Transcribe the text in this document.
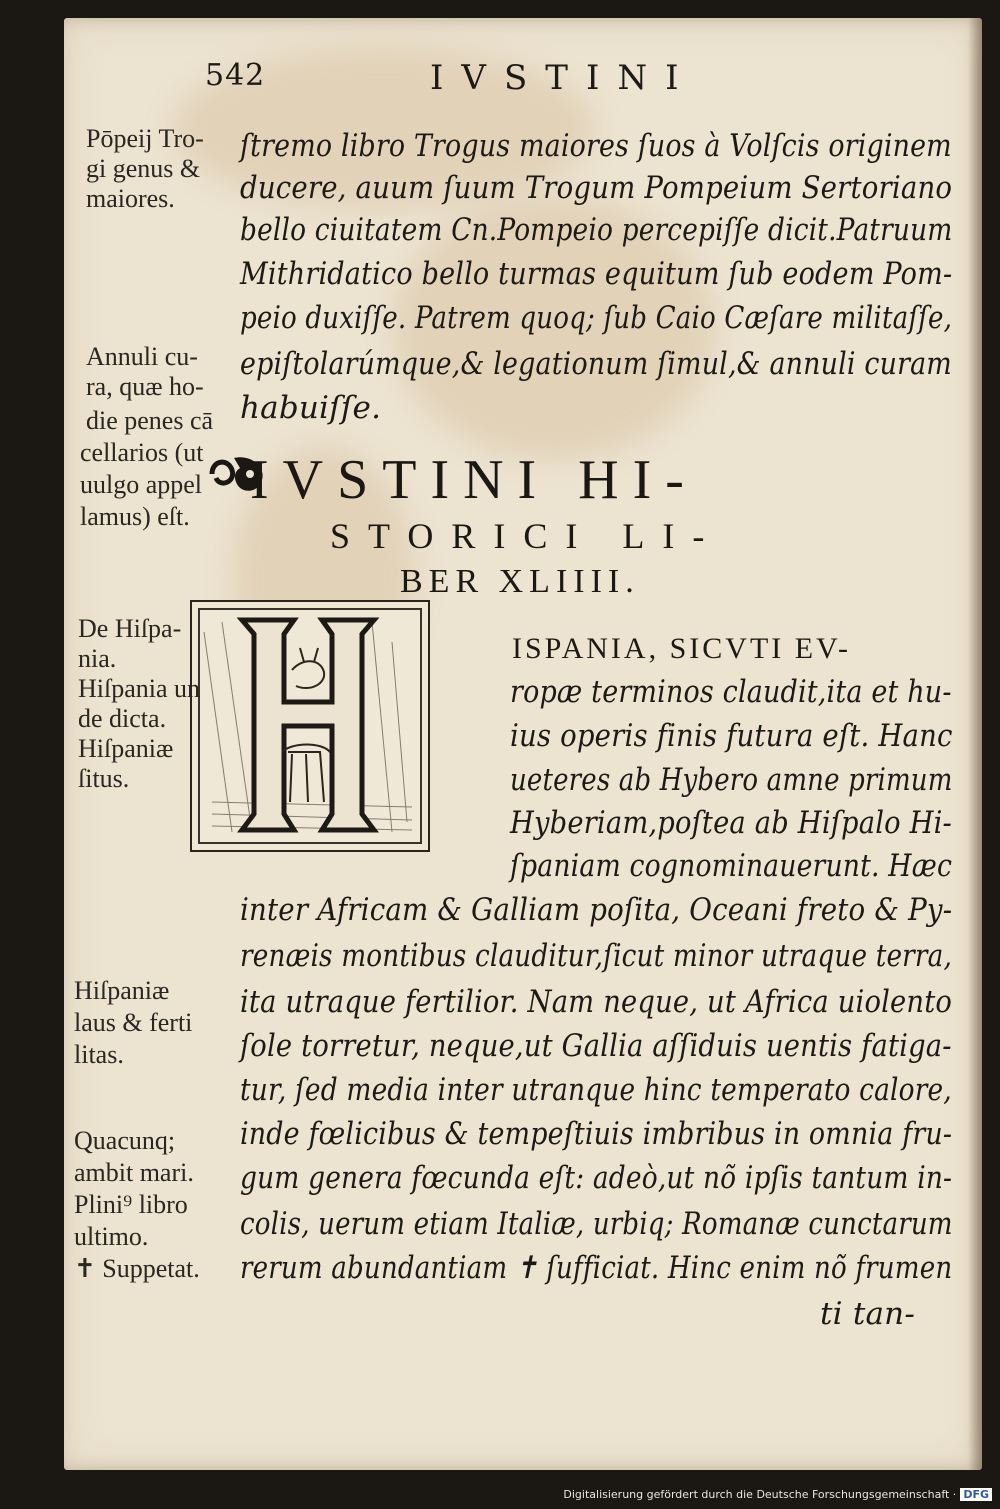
542	IVSTINI
ſtremo libro Trogus maiores ſuos à Volſcis originem
ducere, auum ſuum Trogum Pompeium Sertoriano
bello ciuitatem Cn.Pompeio percepiſſe dicit.Patruum
Mithridatico bello turmas equitum ſub eodem Pom-
peio duxiſſe. Patrem quoq; ſub Caio Cæſare militaſſe,
epiſtolarúmque,& legationum ſimul,& annuli curam
habuiſſe.
IVSTINI HI-
STORICI LI-
BER XLIIII.
ISPANIA, SICVTI EV-
ropæ terminos claudit,ita et hu-
ius operis finis futura eſt. Hanc
ueteres ab Hybero amne primum
Hyberiam,poſtea ab Hiſpalo Hi-
ſpaniam cognominauerunt. Hæc
inter Africam & Galliam poſita, Oceani freto & Py-
renæis montibus clauditur,ſicut minor utraque terra,
ita utraque fertilior. Nam neque, ut Africa uiolento
ſole torretur, neque,ut Gallia aſſiduis uentis fatiga-
tur, ſed media inter utranque hinc temperato calore,
inde fœlicibus & tempeſtiuis imbribus in omnia fru-
gum genera fœcunda eſt: adeò,ut nõ ipſis tantum in-
colis, uerum etiam Italiæ, urbiq; Romanæ cunctarum
rerum abundantiam ✝ ſufficiat. Hinc enim nõ frumen
ti tan-
Pōpeij Tro-
gi genus &
maiores.
Annuli cu-
ra, quæ ho-
die penes cā
cellarios (ut
uulgo appel
lamus) eſt.
De Hiſpa-
nia.
Hiſpania un
de dicta.
Hiſpaniæ
ſitus.
Hiſpaniæ
laus & ferti
litas.
Quacunq;
ambit mari.
Plini⁹ libro
ultimo.
✝ Suppetat.
Digitalisierung gefördert durch die Deutsche Forschungsgemeinschaft · DFG
